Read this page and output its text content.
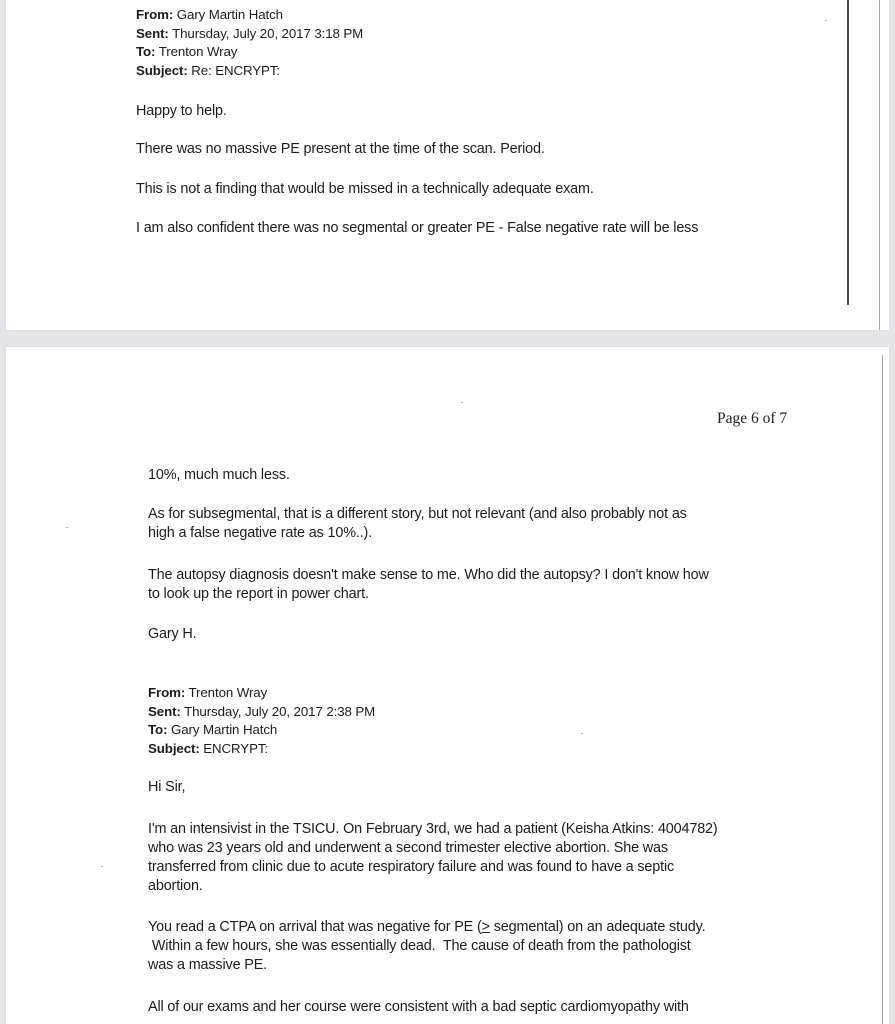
From: Gary Martin Hatch
Sent: Thursday, July 20, 2017 3:18 PM
To: Trenton Wray
Subject: Re: ENCRYPT:
Happy to help.
There was no massive PE present at the time of the scan. Period.
This is not a finding that would be missed in a technically adequate exam.
I am also confident there was no segmental or greater PE - False negative rate will be less
Page 6 of 7
10%, much much less.
As for subsegmental, that is a different story, but not relevant (and also probably not as
high a false negative rate as 10%..).
The autopsy diagnosis doesn't make sense to me. Who did the autopsy? I don't know how
to look up the report in power chart.
Gary H.
From: Trenton Wray
Sent: Thursday, July 20, 2017 2:38 PM
To: Gary Martin Hatch
Subject: ENCRYPT:
Hi Sir,
I'm an intensivist in the TSICU. On February 3rd, we had a patient (Keisha Atkins: 4004782)
who was 23 years old and underwent a second trimester elective abortion. She was
transferred from clinic due to acute respiratory failure and was found to have a septic
abortion.
You read a CTPA on arrival that was negative for PE (> segmental) on an adequate study.
Within a few hours, she was essentially dead.  The cause of death from the pathologist
was a massive PE.
All of our exams and her course were consistent with a bad septic cardiomyopathy with
